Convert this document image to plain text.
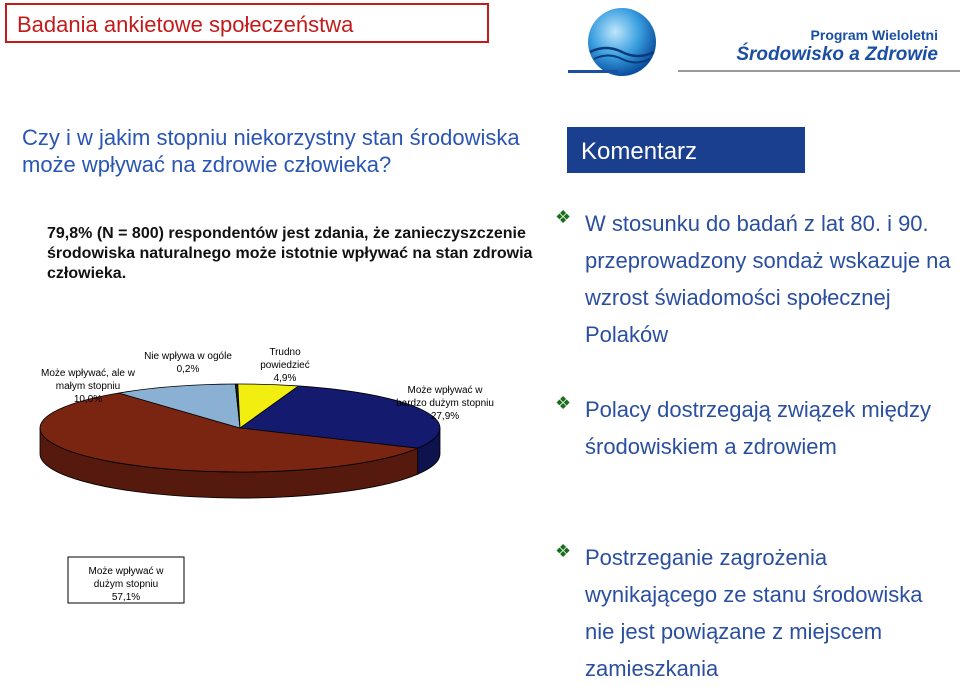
Badania ankietowe społeczeństwa	Program Wieloletni
Środowisko a Zdrowie
Czy i w jakim stopniu niekorzystny stan środowiska może wpływać na zdrowie człowieka?	Komentarz
79,8% (N = 800) respondentów jest zdania, że zanieczyszczenie środowiska naturalnego może istotnie wpływać na stan zdrowia człowieka.
Może wpływać w bardzo dużym stopniu 27,9%
Może wpływać w dużym stopniu 57,1%
Może wpływać, ale w małym stopniu 10,0%
Nie wpływa w ogóle 0,2%
Trudno powiedzieć 4,9%
❖ W stosunku do badań z lat 80. i 90. przeprowadzony sondaż wskazuje na wzrost świadomości społecznej Polaków
❖ Polacy dostrzegają związek między środowiskiem a zdrowiem
❖ Postrzeganie zagrożenia wynikającego ze stanu środowiska nie jest powiązane z miejscem zamieszkania
